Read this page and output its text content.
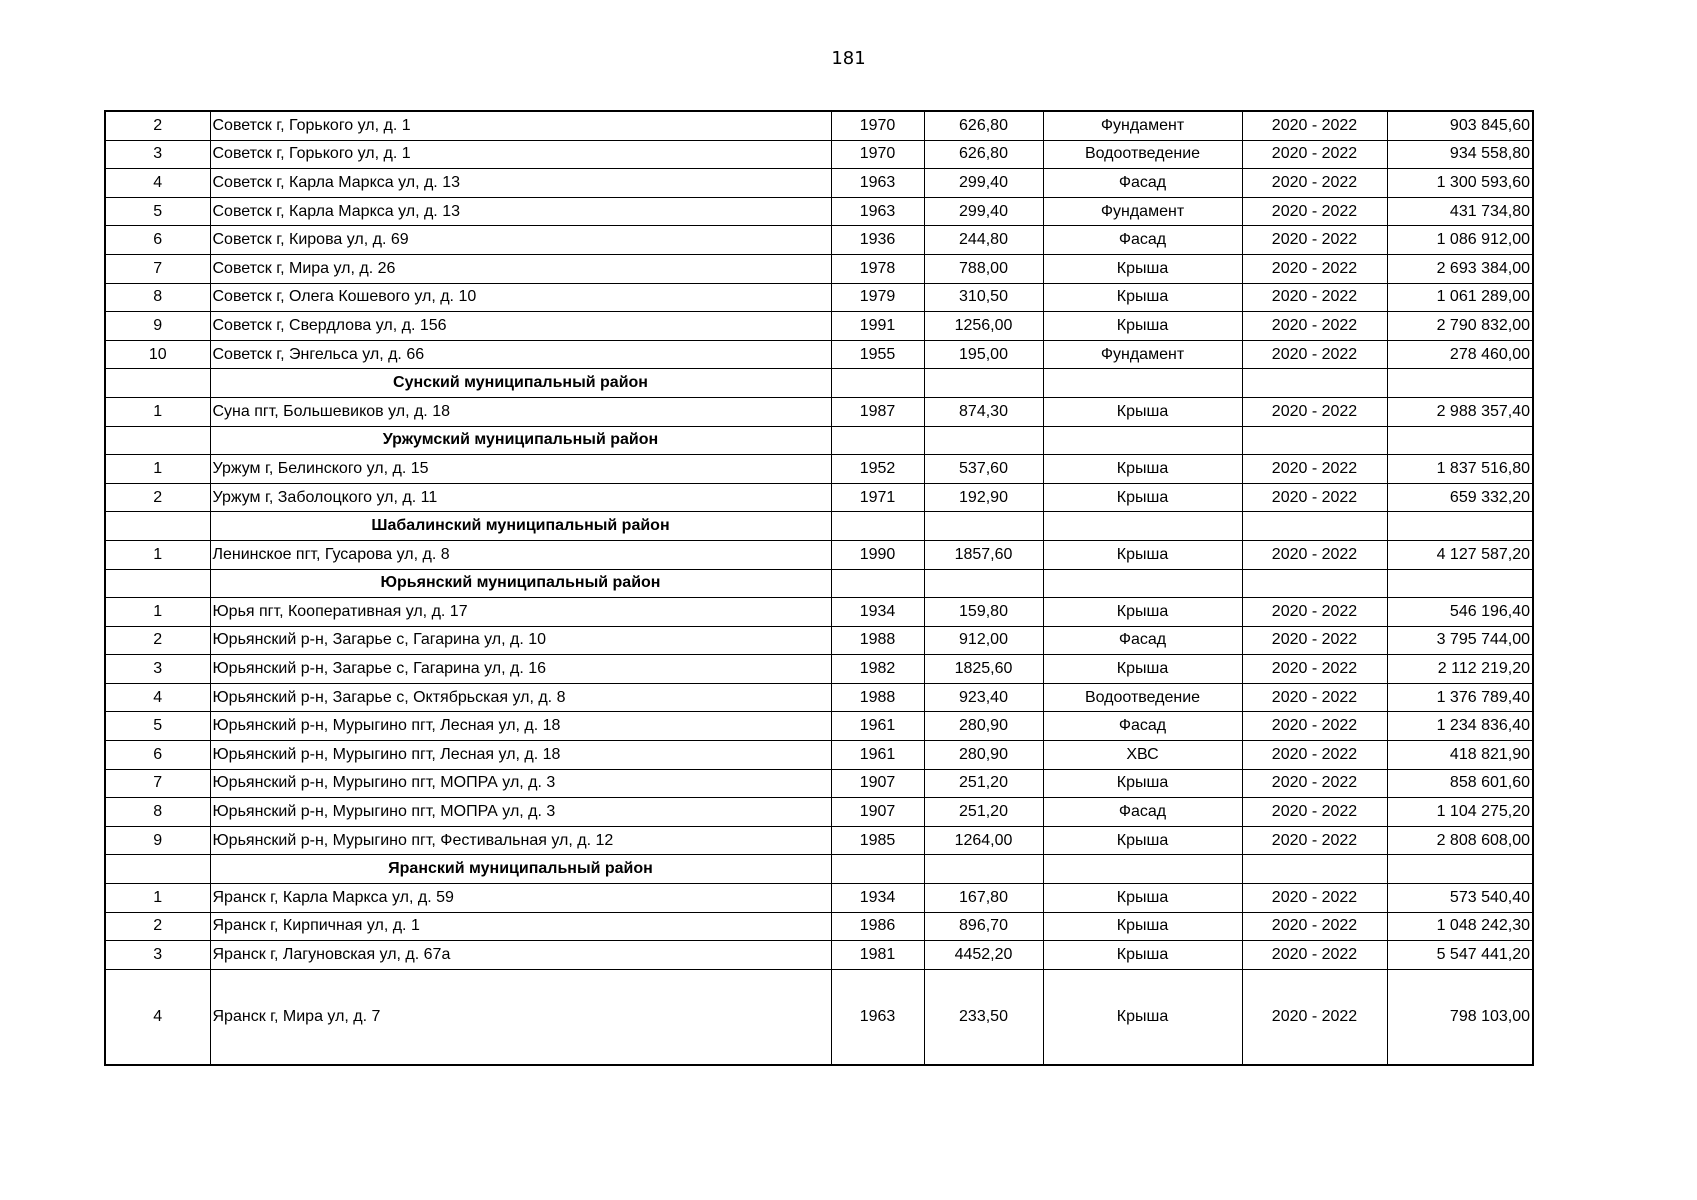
181
2	Советск г, Горького ул, д. 1	1970	626,80	Фундамент	2020 - 2022	903 845,60
3	Советск г, Горького ул, д. 1	1970	626,80	Водоотведение	2020 - 2022	934 558,80
4	Советск г, Карла Маркса ул, д. 13	1963	299,40	Фасад	2020 - 2022	1 300 593,60
5	Советск г, Карла Маркса ул, д. 13	1963	299,40	Фундамент	2020 - 2022	431 734,80
6	Советск г, Кирова ул, д. 69	1936	244,80	Фасад	2020 - 2022	1 086 912,00
7	Советск г, Мира ул, д. 26	1978	788,00	Крыша	2020 - 2022	2 693 384,00
8	Советск г, Олега Кошевого ул, д. 10	1979	310,50	Крыша	2020 - 2022	1 061 289,00
9	Советск г, Свердлова ул, д. 156	1991	1256,00	Крыша	2020 - 2022	2 790 832,00
10	Советск г, Энгельса ул, д. 66	1955	195,00	Фундамент	2020 - 2022	278 460,00
	Сунский муниципальный район					
1	Суна пгт, Большевиков ул, д. 18	1987	874,30	Крыша	2020 - 2022	2 988 357,40
	Уржумский муниципальный район					
1	Уржум г, Белинского ул, д. 15	1952	537,60	Крыша	2020 - 2022	1 837 516,80
2	Уржум г, Заболоцкого ул, д. 11	1971	192,90	Крыша	2020 - 2022	659 332,20
	Шабалинский муниципальный район					
1	Ленинское пгт, Гусарова ул, д. 8	1990	1857,60	Крыша	2020 - 2022	4 127 587,20
	Юрьянский муниципальный район					
1	Юрья пгт, Кооперативная ул, д. 17	1934	159,80	Крыша	2020 - 2022	546 196,40
2	Юрьянский р-н, Загарье с, Гагарина ул, д. 10	1988	912,00	Фасад	2020 - 2022	3 795 744,00
3	Юрьянский р-н, Загарье с, Гагарина ул, д. 16	1982	1825,60	Крыша	2020 - 2022	2 112 219,20
4	Юрьянский р-н, Загарье с, Октябрьская ул, д. 8	1988	923,40	Водоотведение	2020 - 2022	1 376 789,40
5	Юрьянский р-н, Мурыгино пгт, Лесная ул, д. 18	1961	280,90	Фасад	2020 - 2022	1 234 836,40
6	Юрьянский р-н, Мурыгино пгт, Лесная ул, д. 18	1961	280,90	ХВС	2020 - 2022	418 821,90
7	Юрьянский р-н, Мурыгино пгт, МОПРА ул, д. 3	1907	251,20	Крыша	2020 - 2022	858 601,60
8	Юрьянский р-н, Мурыгино пгт, МОПРА ул, д. 3	1907	251,20	Фасад	2020 - 2022	1 104 275,20
9	Юрьянский р-н, Мурыгино пгт, Фестивальная ул, д. 12	1985	1264,00	Крыша	2020 - 2022	2 808 608,00
	Яранский муниципальный район					
1	Яранск г, Карла Маркса ул, д. 59	1934	167,80	Крыша	2020 - 2022	573 540,40
2	Яранск г, Кирпичная ул, д. 1	1986	896,70	Крыша	2020 - 2022	1 048 242,30
3	Яранск г, Лагуновская ул, д. 67а	1981	4452,20	Крыша	2020 - 2022	5 547 441,20
4	Яранск г, Мира ул, д. 7	1963	233,50	Крыша	2020 - 2022	798 103,00
